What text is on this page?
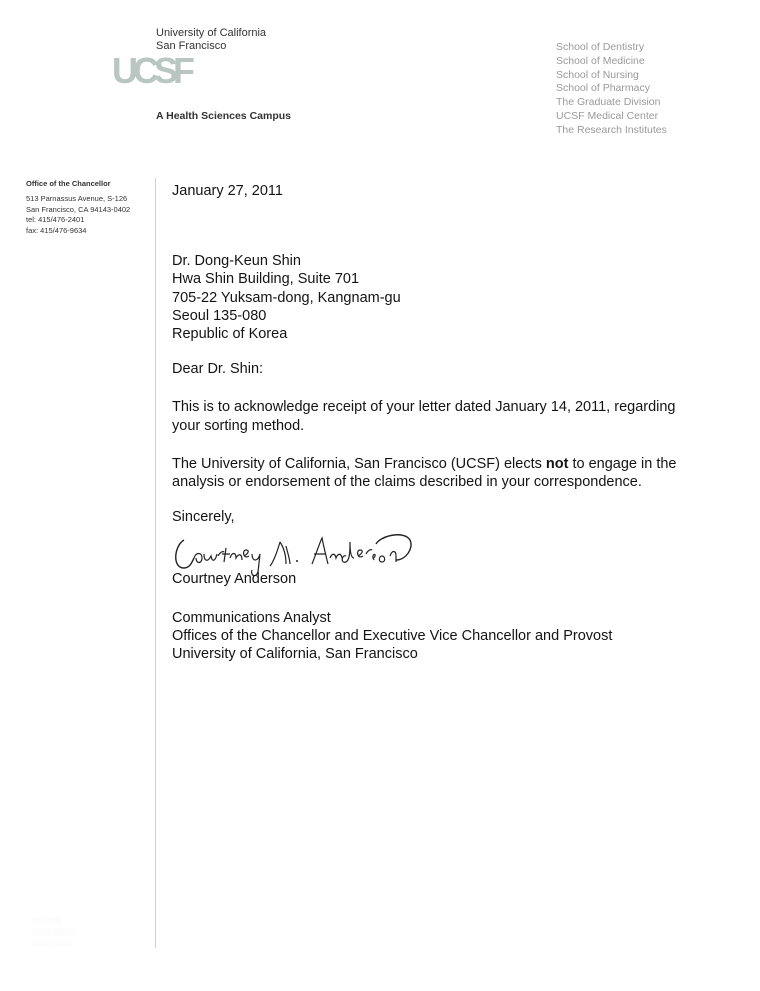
University of California
San Francisco
UCSF
A Health Sciences Campus
School of Dentistry
School of Medicine
School of Nursing
School of Pharmacy
The Graduate Division
UCSF Medical Center
The Research Institutes
Office of the Chancellor
513 Parnassus Avenue, S-126
San Francisco, CA 94143-0402
tel: 415/476-2401
fax: 415/476-9634

January 27, 2011

Dr. Dong-Keun Shin

Hwa Shin Building, Suite 701

705-22 Yuksam-dong, Kangnam-gu

Seoul 135-080

Republic of Korea

Dear Dr. Shin:

This is to acknowledge receipt of your letter dated January 14, 2011, regarding your sorting method.

The University of California, San Francisco (UCSF) elects not to engage in the analysis or endorsement of the claims described in your correspondence.

Sincerely,

Courtney Anderson

Communications Analyst

Offices of the Chancellor and Executive Vice Chancellor and Provost

University of California, San Francisco

░░░░░░
░░░░░░░░░
░░░░░░░░
